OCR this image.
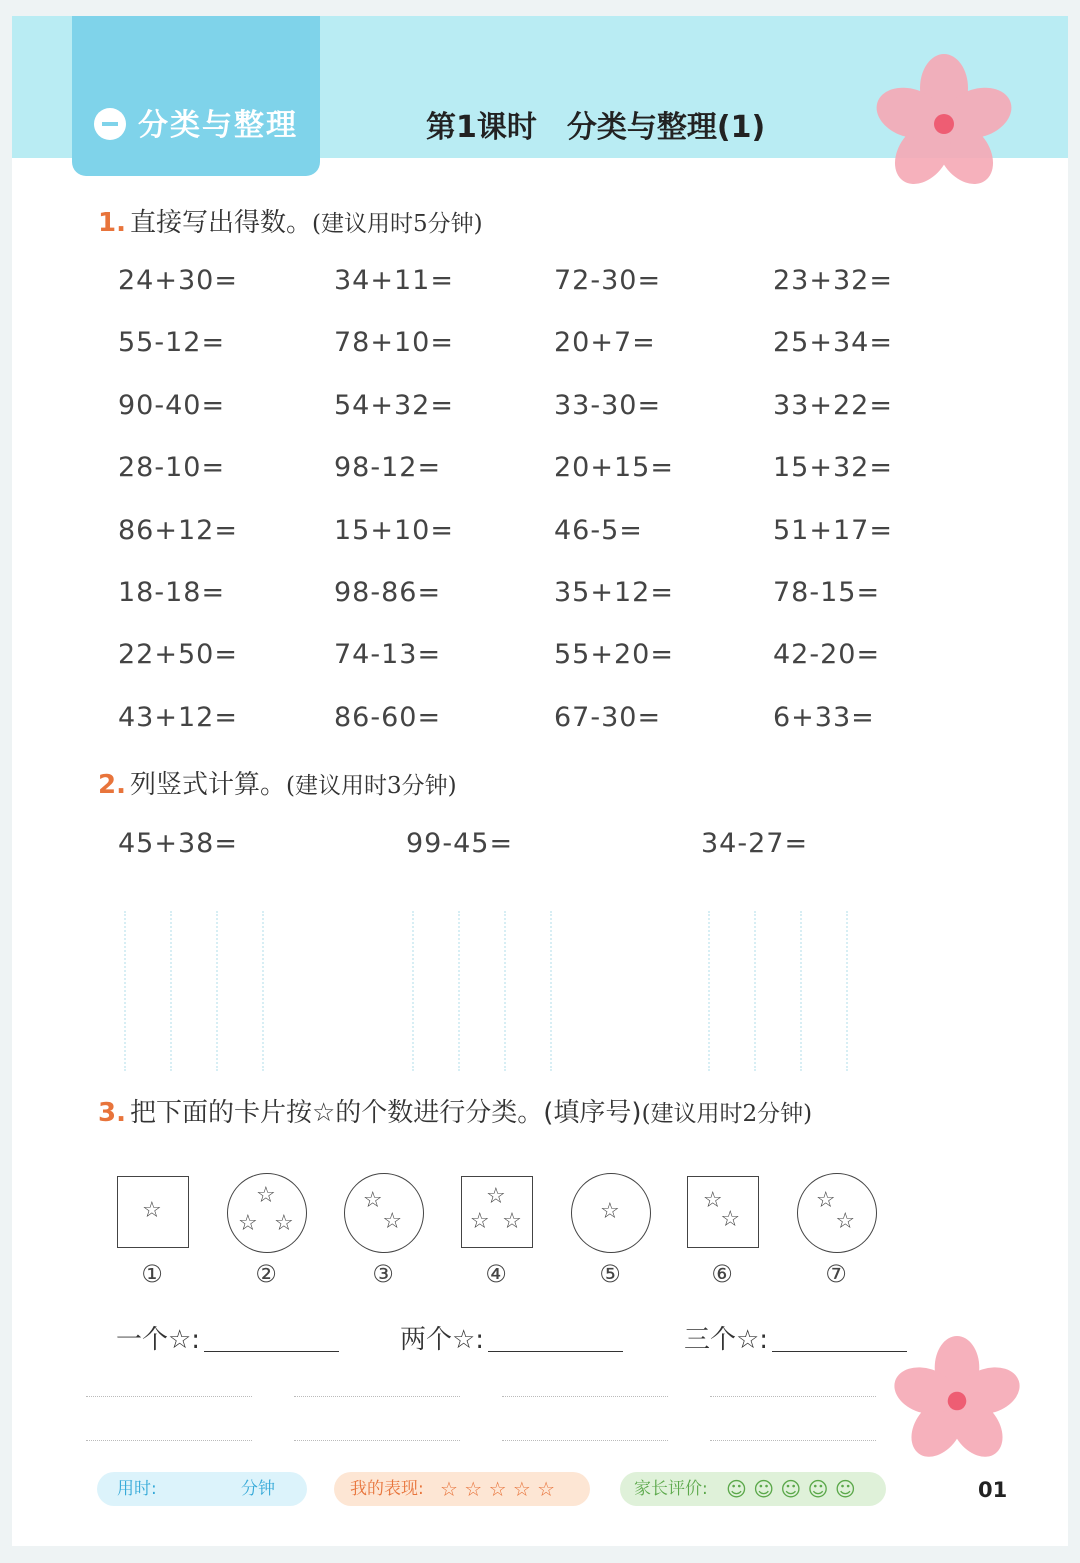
分类与整理	第1课时　分类与整理(1)
1. 直接写出得数。(建议用时5分钟)
24+30=	34+11=	72-30=	23+32=
55-12=	78+10=	20+7=	25+34=
90-40=	54+32=	33-30=	33+22=
28-10=	98-12=	20+15=	15+32=
86+12=	15+10=	46-5=	51+17=
18-18=	98-86=	35+12=	78-15=
22+50=	74-13=	55+20=	42-20=
43+12=	86-60=	67-30=	6+33=
2. 列竖式计算。(建议用时3分钟)
45+38=	99-45=	34-27=
3. 把下面的卡片按☆的个数进行分类。(填序号)(建议用时2分钟)
☆
①
☆
☆ ☆
②
☆
☆
③
☆
☆ ☆
④
☆
⑤
☆
☆
⑥
☆
☆
⑦
一个☆:	两个☆:	三个☆:
用时:	分钟	我的表现: ☆ ☆ ☆ ☆ ☆	家长评价: ☺ ☺ ☺ ☺ ☺	01
